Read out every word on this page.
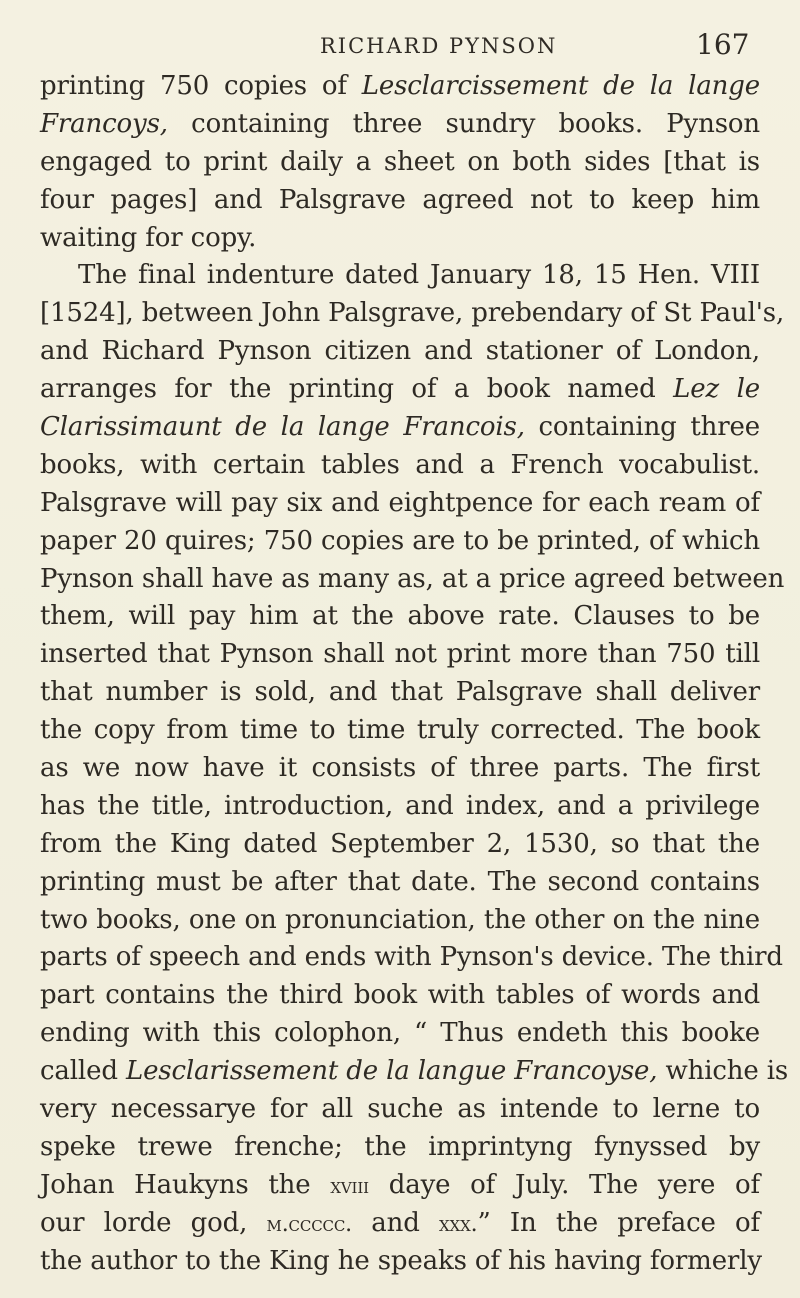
RICHARD PYNSON	167
printing 750 copies of Lesclarcissement de la lange
Francoys, containing three sundry books. Pynson
engaged to print daily a sheet on both sides [that is
four pages] and Palsgrave agreed not to keep him
waiting for copy.
The final indenture dated January 18, 15 Hen. VIII
[1524], between John Palsgrave, prebendary of St Paul's,
and Richard Pynson citizen and stationer of London,
arranges for the printing of a book named Lez le
Clarissimaunt de la lange Francois, containing three
books, with certain tables and a French vocabulist.
Palsgrave will pay six and eightpence for each ream of
paper 20 quires; 750 copies are to be printed, of which
Pynson shall have as many as, at a price agreed between
them, will pay him at the above rate. Clauses to be
inserted that Pynson shall not print more than 750 till
that number is sold, and that Palsgrave shall deliver
the copy from time to time truly corrected. The book
as we now have it consists of three parts. The first
has the title, introduction, and index, and a privilege
from the King dated September 2, 1530, so that the
printing must be after that date. The second contains
two books, one on pronunciation, the other on the nine
parts of speech and ends with Pynson's device. The third
part contains the third book with tables of words and
ending with this colophon, “ Thus endeth this booke
called Lesclarissement de la langue Francoyse, whiche is
very necessarye for all suche as intende to lerne to
speke trewe frenche; the imprintyng fynyssed by
Johan Haukyns the xviii daye of July. The yere of
our lorde god, m.ccccc. and xxx.” In the preface of
the author to the King he speaks of his having formerly
